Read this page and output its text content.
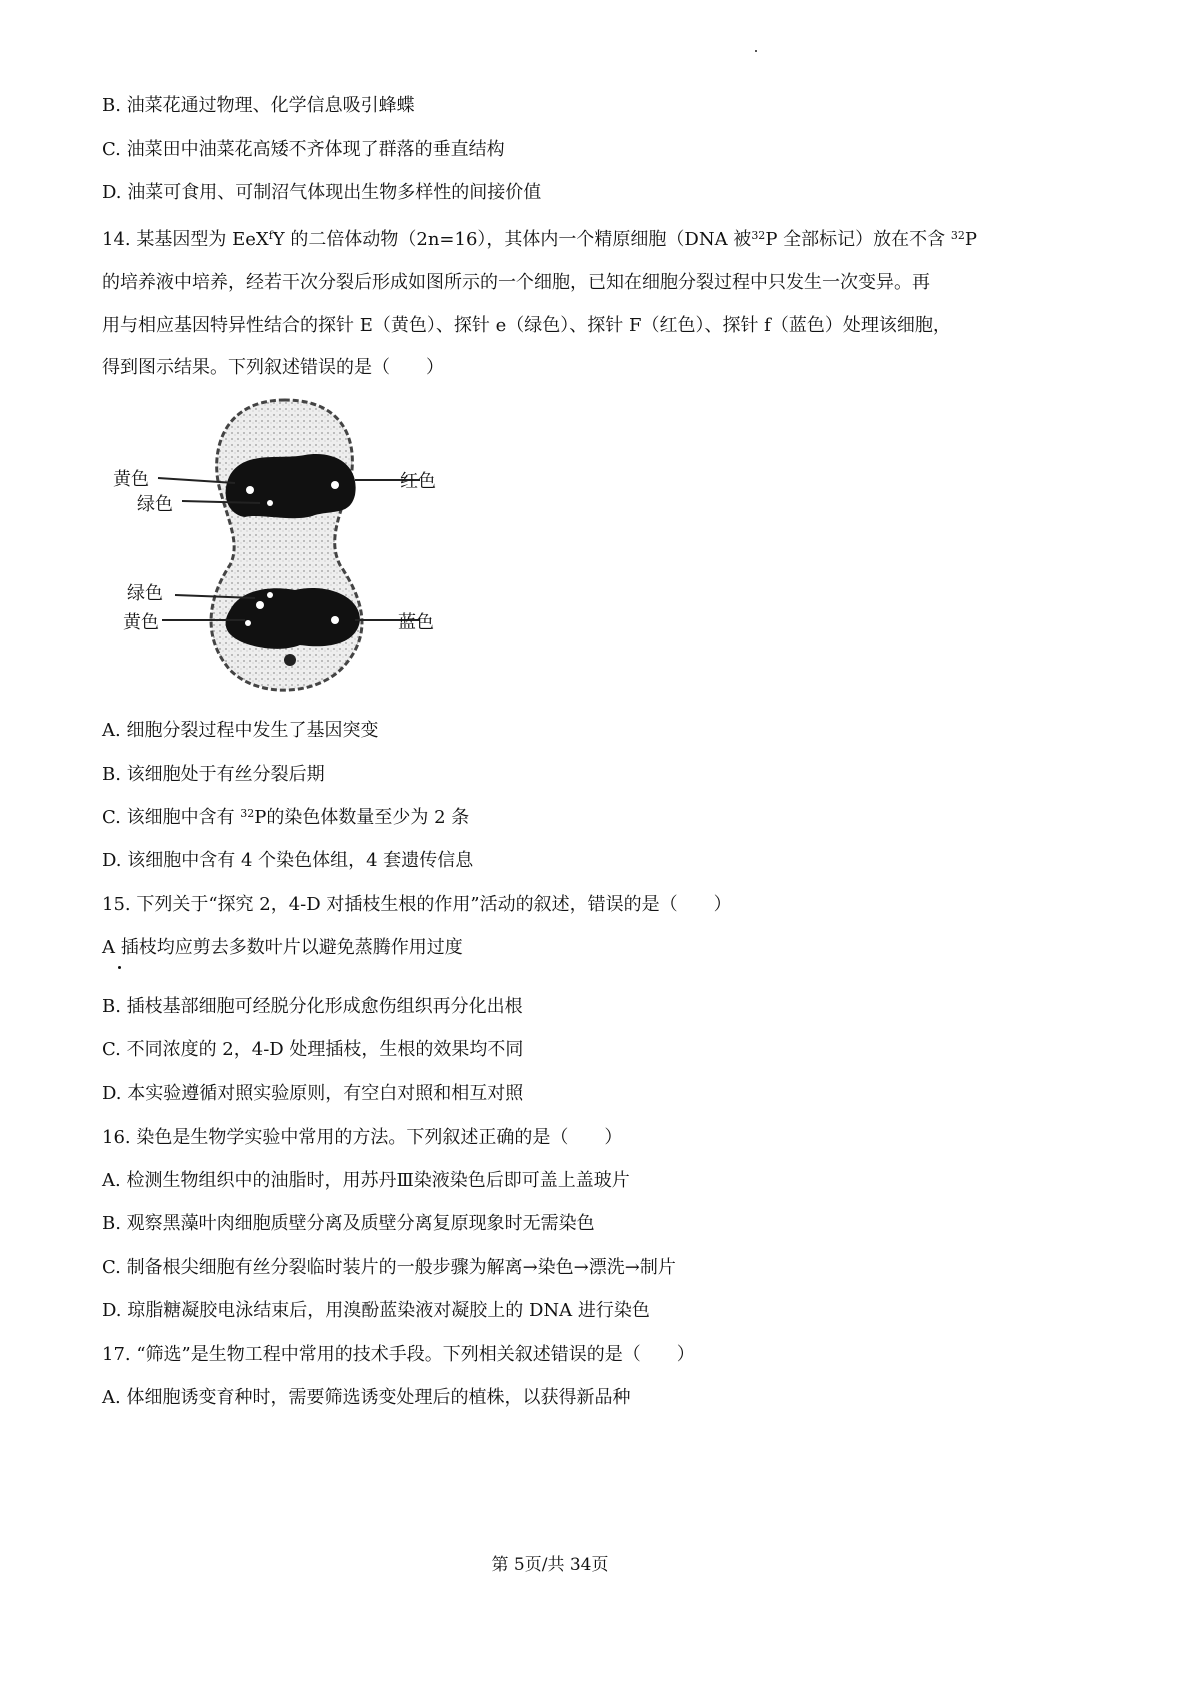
B. 油菜花通过物理、化学信息吸引蜂蝶
C. 油菜田中油菜花高矮不齐体现了群落的垂直结构
D. 油菜可食用、可制沼气体现出生物多样性的间接价值
14. 某基因型为 EeX$^f$Y 的二倍体动物（2n=16），其体内一个精原细胞（DNA 被$^{32}$P 全部标记）放在不含 $^{32}$P
的培养液中培养，经若干次分裂后形成如图所示的一个细胞，已知在细胞分裂过程中只发生一次变异。再
用与相应基因特异性结合的探针 E（黄色）、探针 e（绿色）、探针 F（红色）、探针 f（蓝色）处理该细胞，
得到图示结果。下列叙述错误的是（　　）
黄色
绿色
红色
绿色
黄色	蓝色
A. 细胞分裂过程中发生了基因突变
B. 该细胞处于有丝分裂后期
C. 该细胞中含有 $^{32}$P的染色体数量至少为 2 条
D. 该细胞中含有 4 个染色体组，4 套遗传信息
15. 下列关于“探究 2，4-D 对插枝生根的作用”活动的叙述，错误的是（　　）
A 插枝均应剪去多数叶片以避免蒸腾作用过度
B. 插枝基部细胞可经脱分化形成愈伤组织再分化出根
C. 不同浓度的 2，4-D 处理插枝，生根的效果均不同
D. 本实验遵循对照实验原则，有空白对照和相互对照
16. 染色是生物学实验中常用的方法。下列叙述正确的是（　　）
A. 检测生物组织中的油脂时，用苏丹Ⅲ染液染色后即可盖上盖玻片
B. 观察黑藻叶肉细胞质壁分离及质壁分离复原现象时无需染色
C. 制备根尖细胞有丝分裂临时装片的一般步骤为解离→染色→漂洗→制片
D. 琼脂糖凝胶电泳结束后，用溴酚蓝染液对凝胶上的 DNA 进行染色
17. “筛选”是生物工程中常用的技术手段。下列相关叙述错误的是（　　）
A. 体细胞诱变育种时，需要筛选诱变处理后的植株，以获得新品种
第 5页/共 34页
